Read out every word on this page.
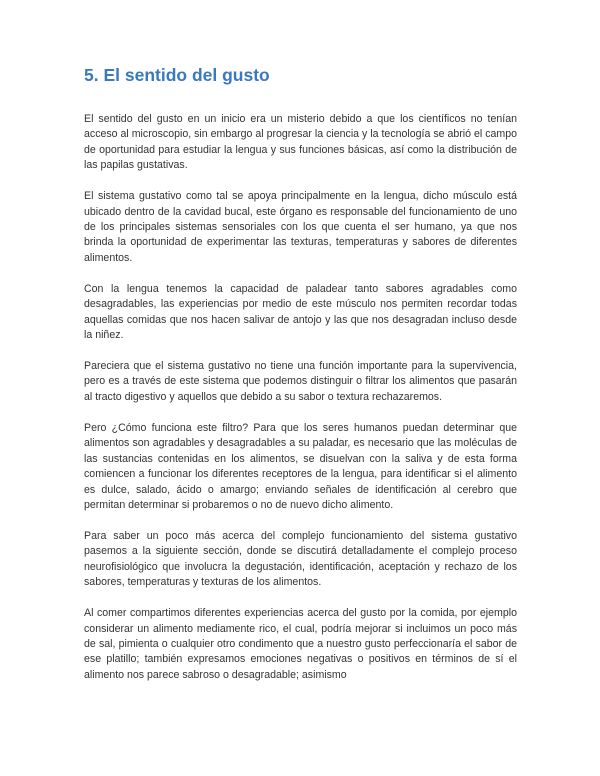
5. El sentido del gusto

El sentido del gusto en un inicio era un misterio debido a que los científicos no tenían acceso al microscopio, sin embargo al progresar la ciencia y la tecnología se abrió el campo de oportunidad para estudiar la lengua y sus funciones básicas, así como la distribución de las papilas gustativas.

El sistema gustativo como tal se apoya principalmente en la lengua, dicho músculo está ubicado dentro de la cavidad bucal, este órgano es responsable del funcionamiento de uno de los principales sistemas sensoriales con los que cuenta el ser humano, ya que nos brinda la oportunidad de experimentar las texturas, temperaturas y sabores de diferentes alimentos.

Con la lengua tenemos la capacidad de paladear tanto sabores agradables como desagradables, las experiencias por medio de este músculo nos permiten recordar todas aquellas comidas que nos hacen salivar de antojo y las que nos desagradan incluso desde la niñez.

Pareciera que el sistema gustativo no tiene una función importante para la supervivencia, pero es a través de este sistema que podemos distinguir o filtrar los alimentos que pasarán al tracto digestivo y aquellos que debido a su sabor o textura rechazaremos.

Pero ¿Cómo funciona este filtro? Para que los seres humanos puedan determinar que alimentos son agradables y desagradables a su paladar, es necesario que las moléculas de las sustancias contenidas en los alimentos, se disuelvan con la saliva y de esta forma comiencen a funcionar los diferentes receptores de la lengua, para identificar si el alimento es dulce, salado, ácido o amargo; enviando señales de identificación al cerebro que permitan determinar si probaremos o no de nuevo dicho alimento.

Para saber un poco más acerca del complejo funcionamiento del sistema gustativo pasemos a la siguiente sección, donde se discutirá detalladamente el complejo proceso neurofisiológico que involucra la degustación, identificación, aceptación y rechazo de los sabores, temperaturas y texturas de los alimentos.

Al comer compartimos diferentes experiencias acerca del gusto por la comida, por ejemplo considerar un alimento mediamente rico, el cual, podría mejorar si incluimos un poco más de sal, pimienta o cualquier otro condimento que a nuestro gusto perfeccionaría el sabor de ese platillo; también expresamos emociones negativas o positivos en términos de sí el alimento nos parece sabroso o desagradable; asimismo
